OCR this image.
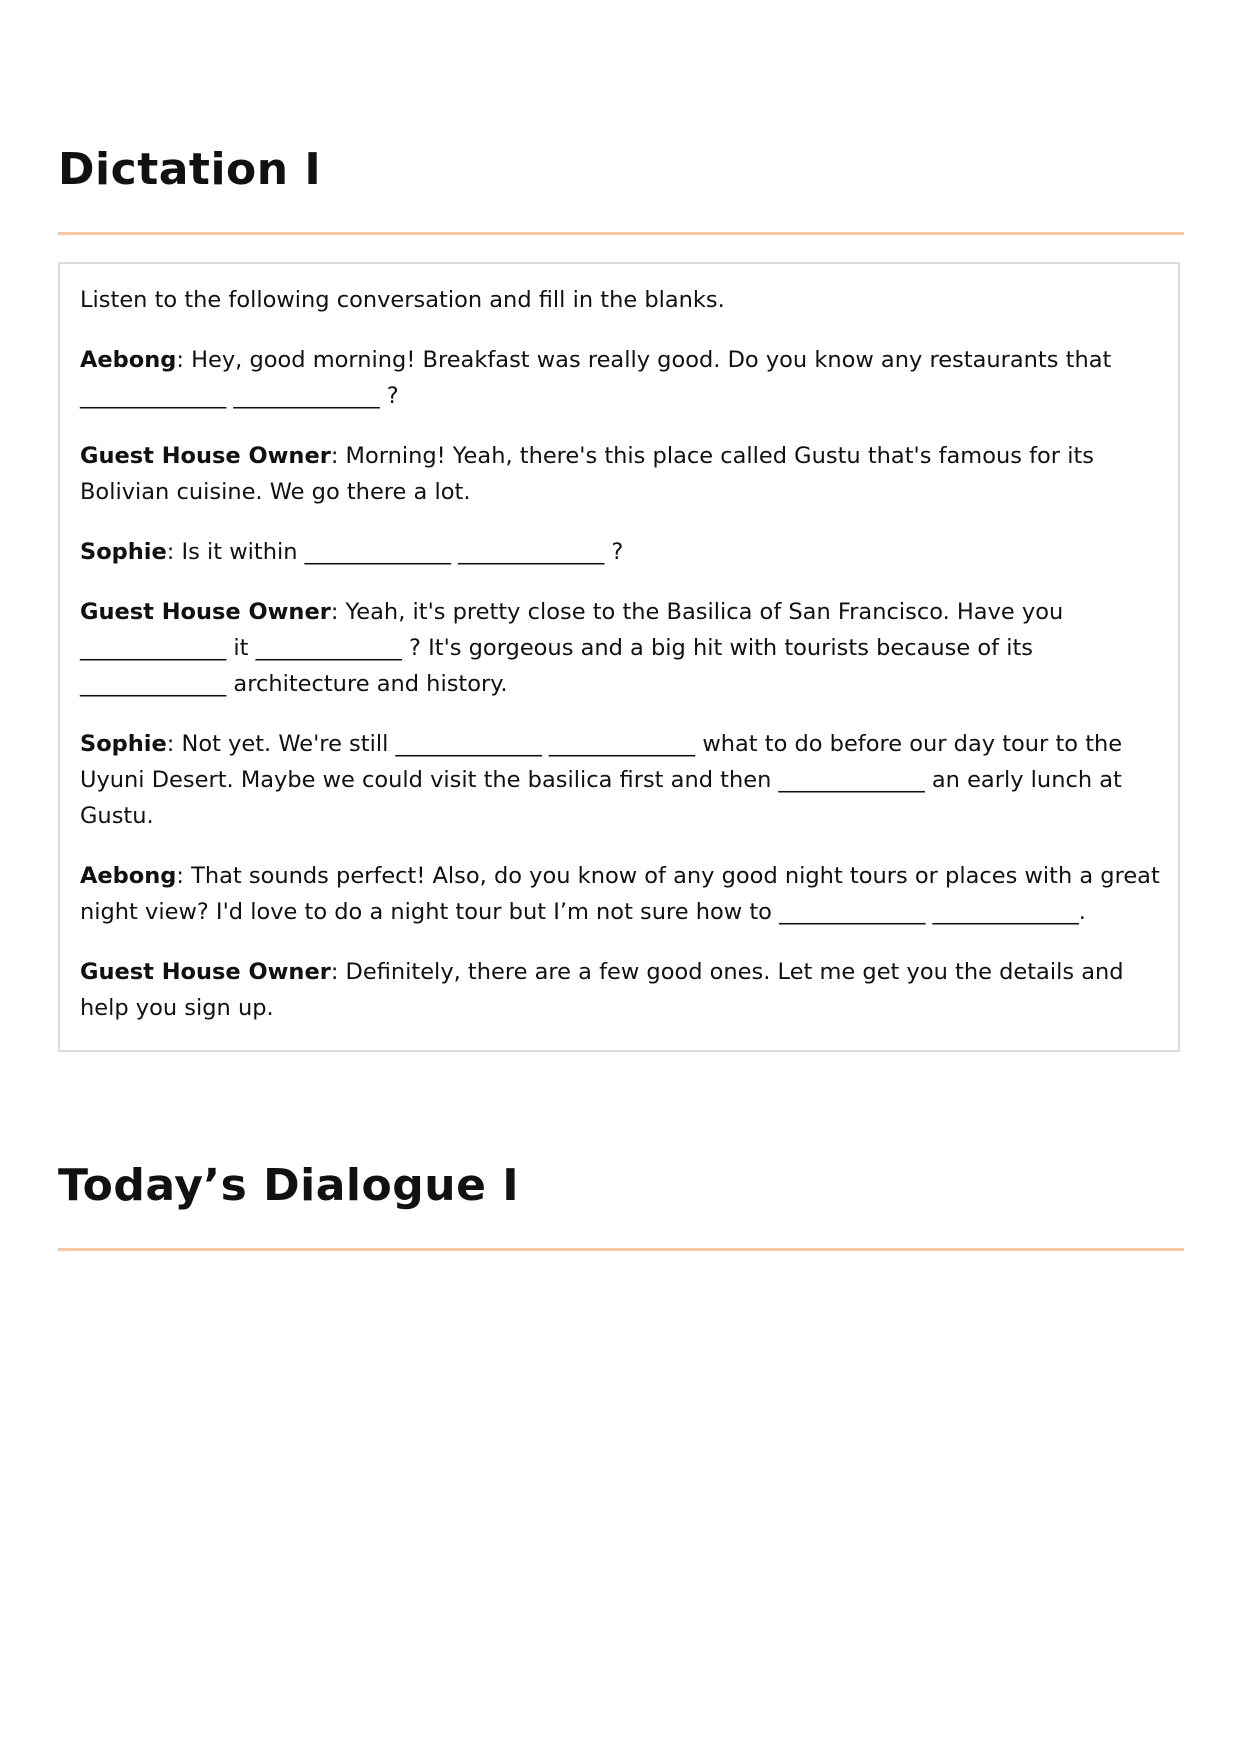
Dictation I

Listen to the following conversation and fill in the blanks.

Aebong: Hey, good morning! Breakfast was really good. Do you know any restaurants that _____________ _____________ ?

Guest House Owner: Morning! Yeah, there's this place called Gustu that's famous for its Bolivian cuisine. We go there a lot.

Sophie: Is it within _____________ _____________ ?

Guest House Owner: Yeah, it's pretty close to the Basilica of San Francisco. Have you _____________ it _____________ ? It's gorgeous and a big hit with tourists because of its _____________ architecture and history.

Sophie: Not yet. We're still _____________ _____________ what to do before our day tour to the Uyuni Desert. Maybe we could visit the basilica first and then _____________ an early lunch at Gustu.

Aebong: That sounds perfect! Also, do you know of any good night tours or places with a great night view? I'd love to do a night tour but I’m not sure how to _____________ _____________.

Guest House Owner: Definitely, there are a few good ones. Let me get you the details and help you sign up.

Today’s Dialogue I
